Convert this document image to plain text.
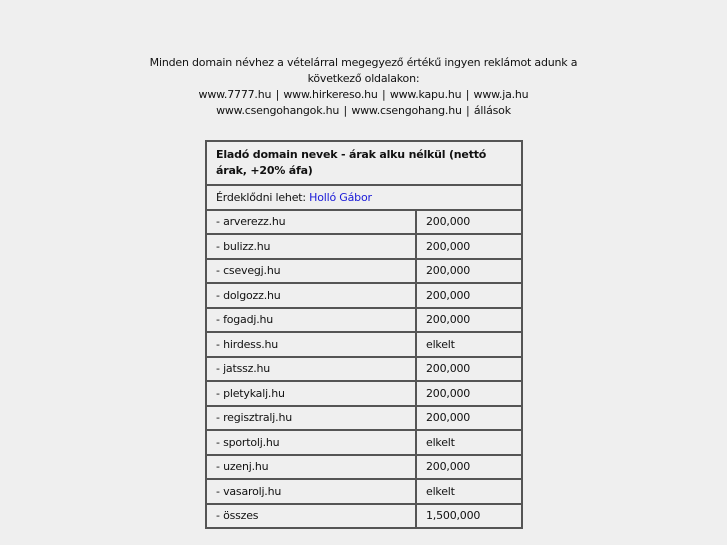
Minden domain névhez a vételárral megegyező értékű ingyen reklámot adunk a
következő oldalakon:
www.7777.hu | www.hirkereso.hu | www.kapu.hu | www.ja.hu
www.csengohangok.hu | www.csengohang.hu | állások
Eladó domain nevek - árak alku nélkül (nettó árak, +20% áfa)	
Érdeklődni lehet: Holló Gábor	
- arverezz.hu	200,000
- bulizz.hu	200,000
- csevegj.hu	200,000
- dolgozz.hu	200,000
- fogadj.hu	200,000
- hirdess.hu	elkelt
- jatssz.hu	200,000
- pletykalj.hu	200,000
- regisztralj.hu	200,000
- sportolj.hu	elkelt
- uzenj.hu	200,000
- vasarolj.hu	elkelt
- összes	1,500,000
